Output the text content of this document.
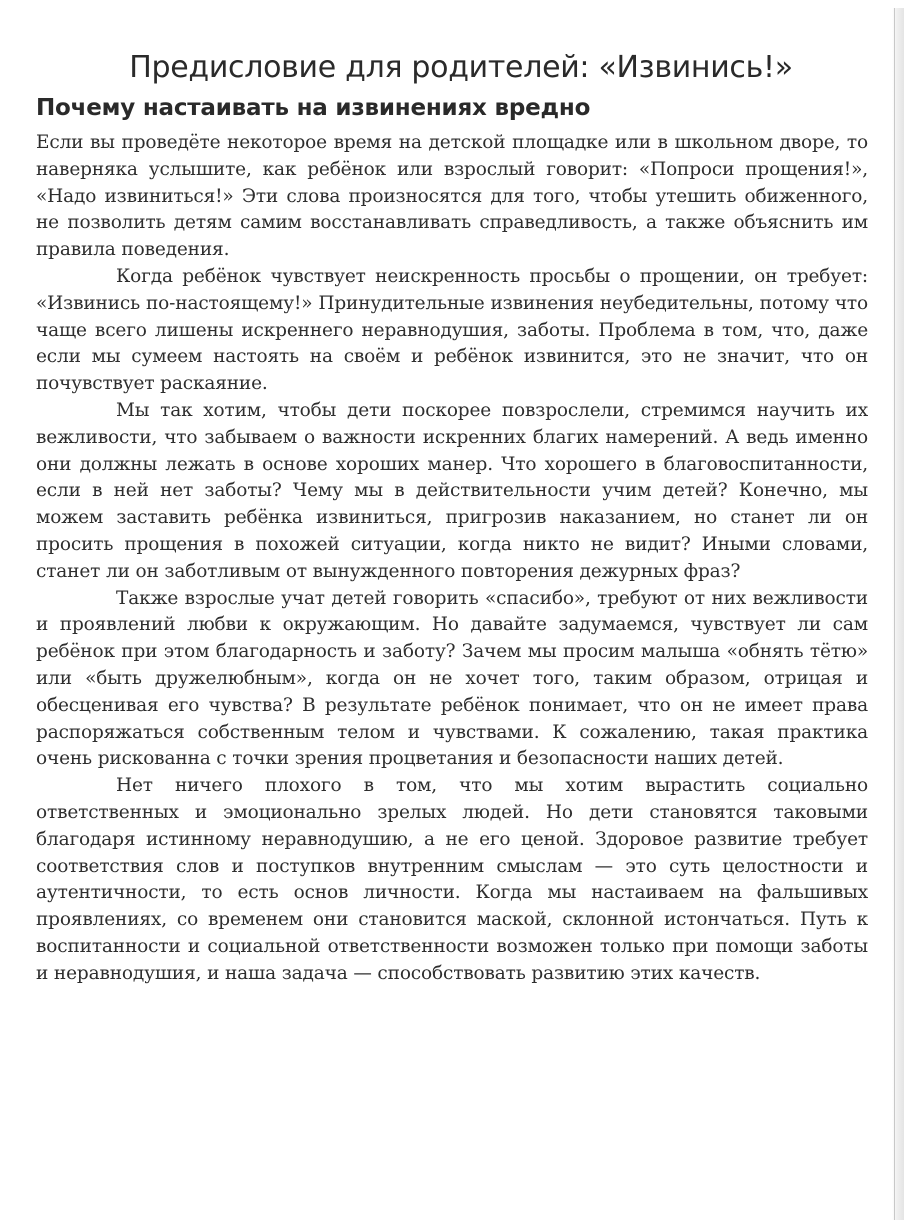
Предисловие для родителей: «Извинись!»
Почему настаивать на извинениях вредно

Если вы проведёте некоторое время на детской площадке или в школьном дворе, то наверняка услышите, как ребёнок или взрослый говорит: «Попроси прощения!», «Надо извиниться!» Эти слова произносятся для того, чтобы утешить обиженного, не позволить детям самим восстанавливать справедливость, а также объяснить им правила поведения.

Когда ребёнок чувствует неискренность просьбы о прощении, он требует: «Извинись по-настоящему!» Принудительные извинения неубедительны, потому что чаще всего лишены искреннего неравнодушия, заботы. Проблема в том, что, даже если мы сумеем настоять на своём и ребёнок извинится, это не значит, что он почувствует раскаяние.

Мы так хотим, чтобы дети поскорее повзрослели, стремимся научить их вежливости, что забываем о важности искренних благих намерений. А ведь именно они должны лежать в основе хороших манер. Что хорошего в благовоспитанности, если в ней нет заботы? Чему мы в действительности учим детей? Конечно, мы можем заставить ребёнка извиниться, пригрозив наказанием, но станет ли он просить прощения в похожей ситуации, когда никто не видит? Иными словами, станет ли он заботливым от вынужденного повторения дежурных фраз?

Также взрослые учат детей говорить «спасибо», требуют от них вежливости и проявлений любви к окружающим. Но давайте задумаемся, чувствует ли сам ребёнок при этом благодарность и заботу? Зачем мы просим малыша «обнять тётю» или «быть дружелюбным», когда он не хочет того, таким образом, отрицая и обесценивая его чувства? В результате ребёнок понимает, что он не имеет права распоряжаться собственным телом и чувствами. К сожалению, такая практика очень рискованна с точки зрения процветания и безопасности наших детей.

Нет ничего плохого в том, что мы хотим вырастить социально ответственных и эмоционально зрелых людей. Но дети становятся таковыми благодаря истинному неравнодушию, а не его ценой. Здоровое развитие требует соответствия слов и поступков внутренним смыслам — это суть целостности и аутентичности, то есть основ личности. Когда мы настаиваем на фальшивых проявлениях, со временем они становится маской, склонной истончаться. Путь к воспитанности и социальной ответственности возможен только при помощи заботы и неравнодушия, и наша задача — способствовать развитию этих качеств.
